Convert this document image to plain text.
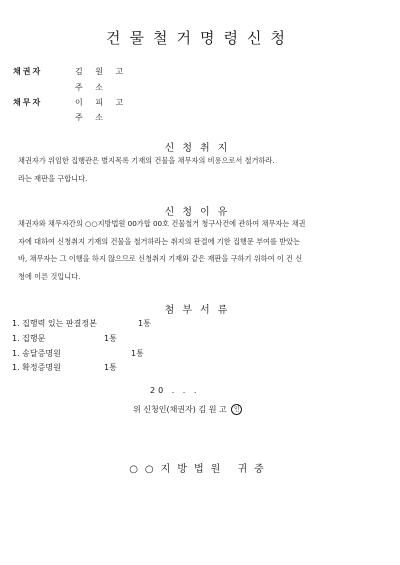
건물철거명령신청
채권자	김 원 고
주 소
채무자	이 피 고
주 소
신청취지

채권자가 위임한 집행관은 별지목록 기재의 건물을 채무자의 비용으로서 철거하라.

라는 재판을 구합니다.

신청이유

채권자와 채무자간의 ○○지방법원 00가합 00호 건물철거 청구사건에 관하여 채무자는 채권

자에 대하여 신청취지 기재의 건물을 철거하라는 취지의 판결에 기한 집행문 부여를 받았는

바, 채무자는 그 이행을 하지 않으므로 신청취지 기재와 같은 재판을 구하기 위하여 이 건 신

청에 이른 것입니다.

첨부서류
1. 집행력 있는 판결정본	1통
1. 집행문	1통
1. 송달증명원	1통
1. 확정증명원	1통
20 . . .
위 신청인(채권자) 김 원 고 인
○○지방법원 귀중
